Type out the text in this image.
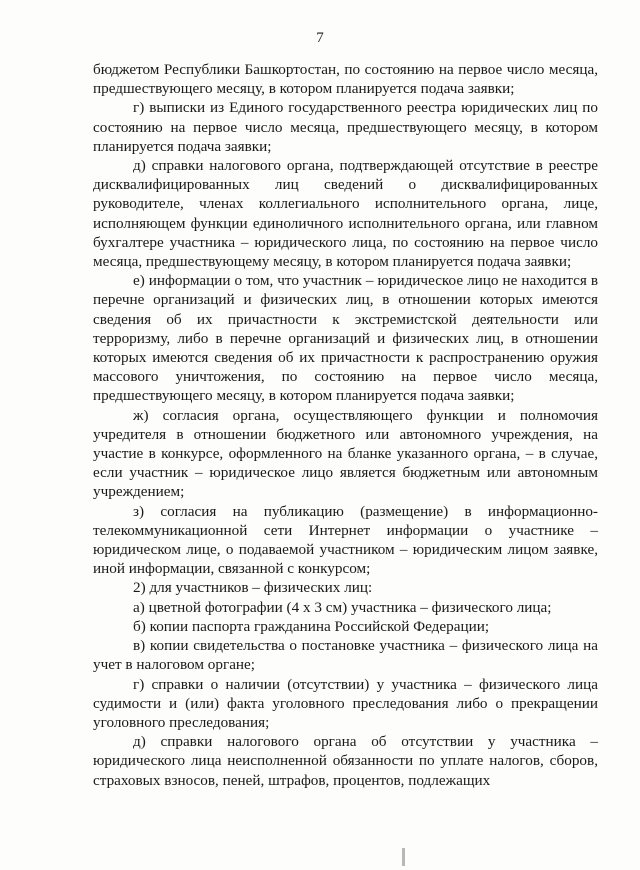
7

бюджетом Республики Башкортостан, по состоянию на первое число месяца, предшествующего месяцу, в котором планируется подача заявки;

г) выписки из Единого государственного реестра юридических лиц по состоянию на первое число месяца, предшествующего месяцу, в котором планируется подача заявки;

д) справки налогового органа, подтверждающей отсутствие в реестре дисквалифицированных лиц сведений о дисквалифицированных руководителе, членах коллегиального исполнительного органа, лице, исполняющем функции единоличного исполнительного органа, или главном бухгалтере участника – юридического лица, по состоянию на первое число месяца, предшествующему месяцу, в котором планируется подача заявки;

е) информации о том, что участник – юридическое лицо не находится в перечне организаций и физических лиц, в отношении которых имеются сведения об их причастности к экстремистской деятельности или терроризму, либо в перечне организаций и физических лиц, в отношении которых имеются сведения об их причастности к распространению оружия массового уничтожения, по состоянию на первое число месяца, предшествующего месяцу, в котором планируется подача заявки;

ж) согласия органа, осуществляющего функции и полномочия учредителя в отношении бюджетного или автономного учреждения, на участие в конкурсе, оформленного на бланке указанного органа, – в случае, если участник – юридическое лицо является бюджетным или автономным учреждением;

з) согласия на публикацию (размещение) в информационно-телекоммуникационной сети Интернет информации о участнике – юридическом лице, о подаваемой участником – юридическим лицом заявке, иной информации, связанной с конкурсом;

2) для участников – физических лиц:

а) цветной фотографии (4 x 3 см) участника – физического лица;

б) копии паспорта гражданина Российской Федерации;

в) копии свидетельства о постановке участника – физического лица на учет в налоговом органе;

г) справки о наличии (отсутствии) у участника – физического лица судимости и (или) факта уголовного преследования либо о прекращении уголовного преследования;

д) справки налогового органа об отсутствии у участника – юридического лица неисполненной обязанности по уплате налогов, сборов, страховых взносов, пеней, штрафов, процентов, подлежащих
